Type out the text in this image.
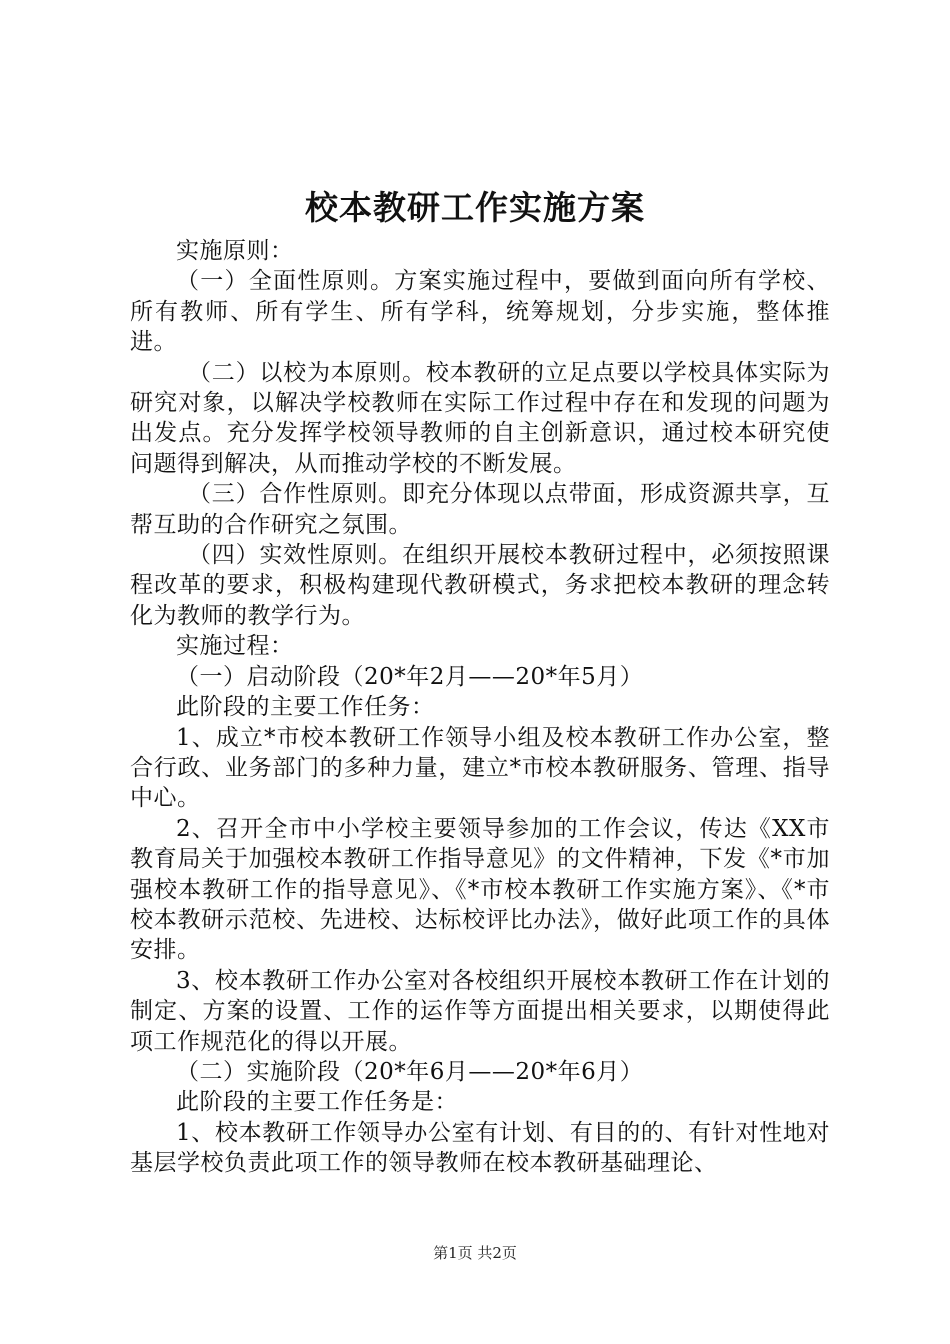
校本教研工作实施方案

实施原则：

（一）全面性原则。方案实施过程中，要做到面向所有学校、所有教师、所有学生、所有学科，统筹规划，分步实施，整体推进。

（二）以校为本原则。校本教研的立足点要以学校具体实际为研究对象，以解决学校教师在实际工作过程中存在和发现的问题为出发点。充分发挥学校领导教师的自主创新意识，通过校本研究使问题得到解决，从而推动学校的不断发展。

（三）合作性原则。即充分体现以点带面，形成资源共享，互帮互助的合作研究之氛围。

（四）实效性原则。在组织开展校本教研过程中，必须按照课程改革的要求，积极构建现代教研模式，务求把校本教研的理念转化为教师的教学行为。

实施过程：

（一）启动阶段（20*年2月——20*年5月）

此阶段的主要工作任务：

1、成立*市校本教研工作领导小组及校本教研工作办公室，整合行政、业务部门的多种力量，建立*市校本教研服务、管理、指导中心。

2、召开全市中小学校主要领导参加的工作会议，传达《XX市教育局关于加强校本教研工作指导意见》的文件精神，下发《*市加强校本教研工作的指导意见》、《*市校本教研工作实施方案》、《*市校本教研示范校、先进校、达标校评比办法》，做好此项工作的具体安排。

3、校本教研工作办公室对各校组织开展校本教研工作在计划的制定、方案的设置、工作的运作等方面提出相关要求，以期使得此项工作规范化的得以开展。

（二）实施阶段（20*年6月——20*年6月）

此阶段的主要工作任务是：

1、校本教研工作领导办公室有计划、有目的的、有针对性地对基层学校负责此项工作的领导教师在校本教研基础理论、

第1页 共2页
